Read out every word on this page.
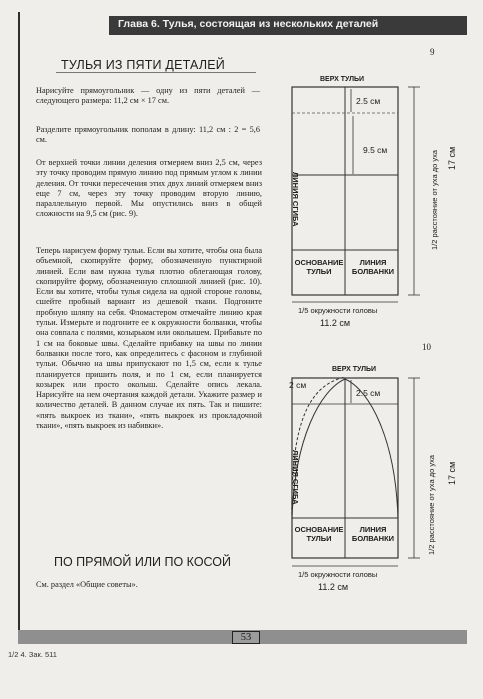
Глава 6. Тулья, состоящая из нескольких деталей
ТУЛЬЯ ИЗ ПЯТИ ДЕТАЛЕЙ
Нарисуйте прямоугольник — одну из пяти деталей — следующего размера: 11,2 см × 17 см.
Разделите прямоугольник пополам в длину: 11,2 см : 2 = 5,6 см.
От верхней точки линии деления отмеряем вниз 2,5 см, через эту точку проводим прямую линию под прямым углом к линии деления. От точки пересечения этих двух линий отмеряем вниз еще 7 см, через эту точку проводим вторую линию, параллельную первой. Мы опустились вниз в общей сложности на 9,5 см (рис. 9).
Теперь нарисуем форму тульи. Если вы хотите, чтобы она была объемной, скопируйте форму, обозначенную пунктирной линией. Если вам нужна тулья плотно облегающая голову, скопируйте форму, обозначенную сплошной линией (рис. 10). Если вы хотите, чтобы тулья сидела на одной стороне головы, сшейте пробный вариант из дешевой ткани. Подгоните пробную шляпу на себя. Фломастером отмечайте линию края тульи. Измерьте и подгоните ее к окружности болванки, чтобы она совпала с полями, козырьком или околышем. Прибавьте по 1 см на боковые швы. Сделайте прибавку на швы по линии болванки после того, как определитесь с фасоном и глубиной тульи. Обычно на швы припускают по 1,5 см, если к тулье планируется пришить поля, и по 1 см, если планируется козырек или просто околыш. Сделайте опись лекала. Нарисуйте на нем очертания каждой детали. Укажите размер и количество деталей. В данном случае их пять. Так и пишите: «пять выкроек из ткани», «пять выкроек из прокладочной ткани», «пять выкроек из набивки».
ПО ПРЯМОЙ ИЛИ ПО КОСОЙ
См. раздел «Общие советы».
9
ВЕРХ ТУЛЬИ
2.5 см
9.5 см
ЛИНИЯ СГИБА
ОСНОВАНИЕ ТУЛЬИ
ЛИНИЯ БОЛВАНКИ
1/5 окружности головы
11.2 см
1/2 расстояние от уха до уха 17 см
10
ВЕРХ ТУЛЬИ
2 см
2.5 см
ЛИНИЯ СГИБА
ОСНОВАНИЕ ТУЛЬИ
ЛИНИЯ БОЛВАНКИ
1/5 окружности головы
11.2 см
1/2 расстояние от уха до уха 17 см
53
1/2 4. Зак. 511
